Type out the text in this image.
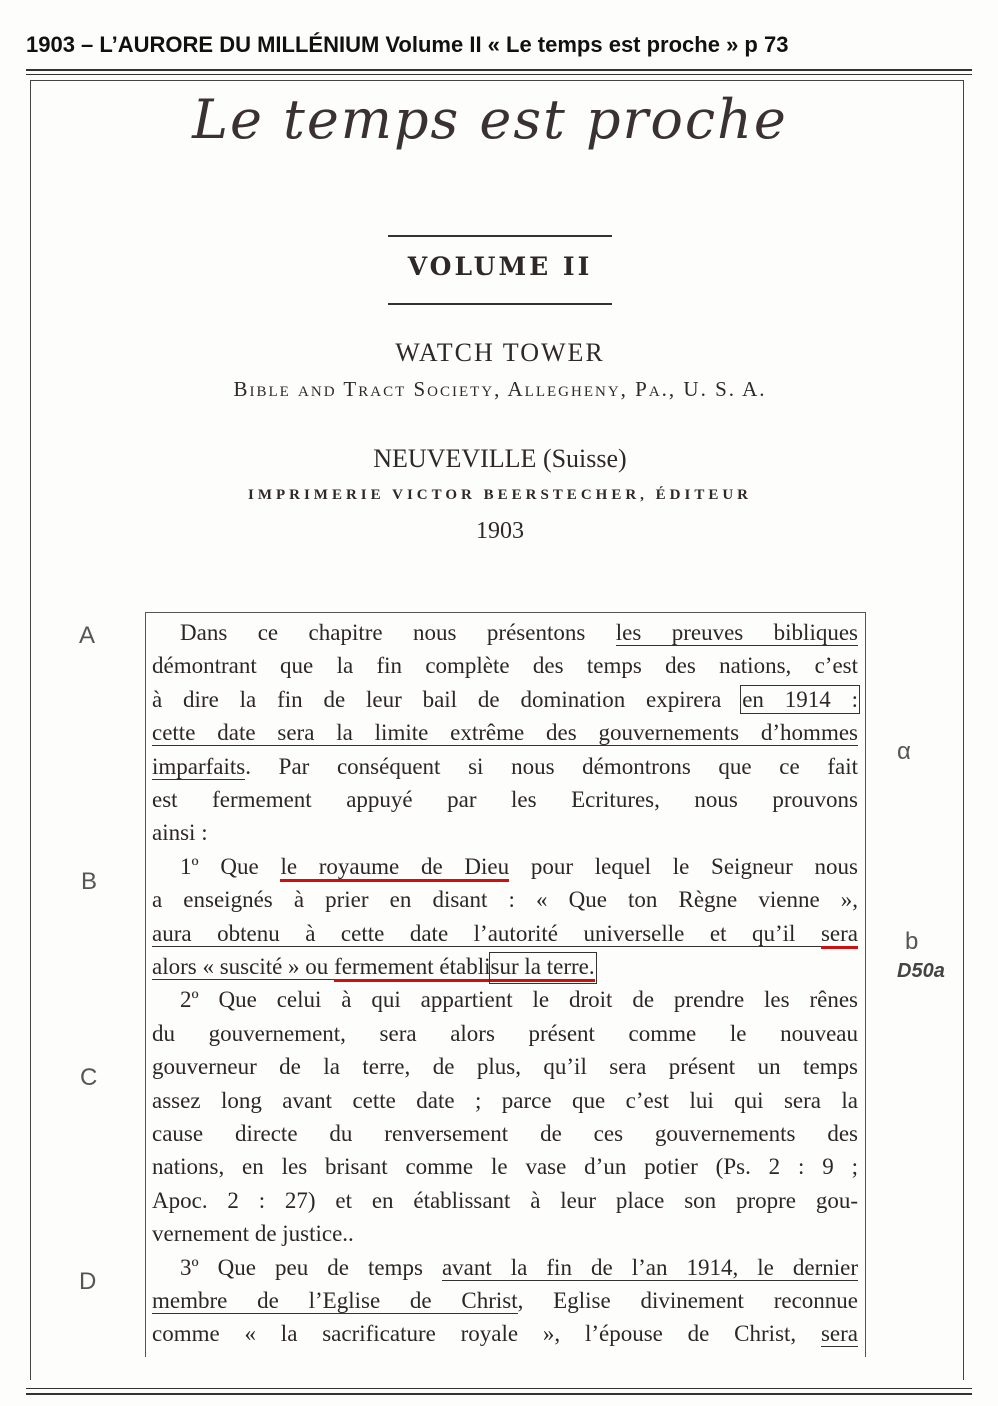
1903 – L’AURORE DU MILLÉNIUM Volume II « Le temps est proche » p 73
Le temps est proche
VOLUME II
WATCH TOWER
Bible and Tract Society, Allegheny, Pa., U. S. A.
NEUVEVILLE (Suisse)
IMPRIMERIE VICTOR BEERSTECHER, ÉDITEUR
1903
Dans ce chapitre nous présentons les preuves bibliques
démontrant que la fin complète des temps des nations, c’est
à dire la fin de leur bail de domination expirera en 1914 :
cette date sera la limite extrême des gouvernements d’hommes
imparfaits. Par conséquent si nous démontrons que ce fait
est fermement appuyé par les Ecritures, nous prouvons
ainsi :
1º Que le royaume de Dieu pour lequel le Seigneur nous
a enseignés à prier en disant : « Que ton Règne vienne »,
aura obtenu à cette date l’autorité universelle et qu’il sera
alors « suscité » ou fermement établisur la terre.
2º Que celui à qui appartient le droit de prendre les rênes
du gouvernement, sera alors présent comme le nouveau
gouverneur de la terre, de plus, qu’il sera présent un temps
assez long avant cette date ; parce que c’est lui qui sera la
cause directe du renversement de ces gouvernements des
nations, en les brisant comme le vase d’un potier (Ps. 2 : 9 ;
Apoc. 2 : 27) et en établissant à leur place son propre gou-
vernement de justice..
3º Que peu de temps avant la fin de l’an 1914, le dernier
membre de l’Eglise de Christ, Eglise divinement reconnue
comme « la sacrificature royale », l’épouse de Christ, sera
A
B
C
D
α
b
D50a
